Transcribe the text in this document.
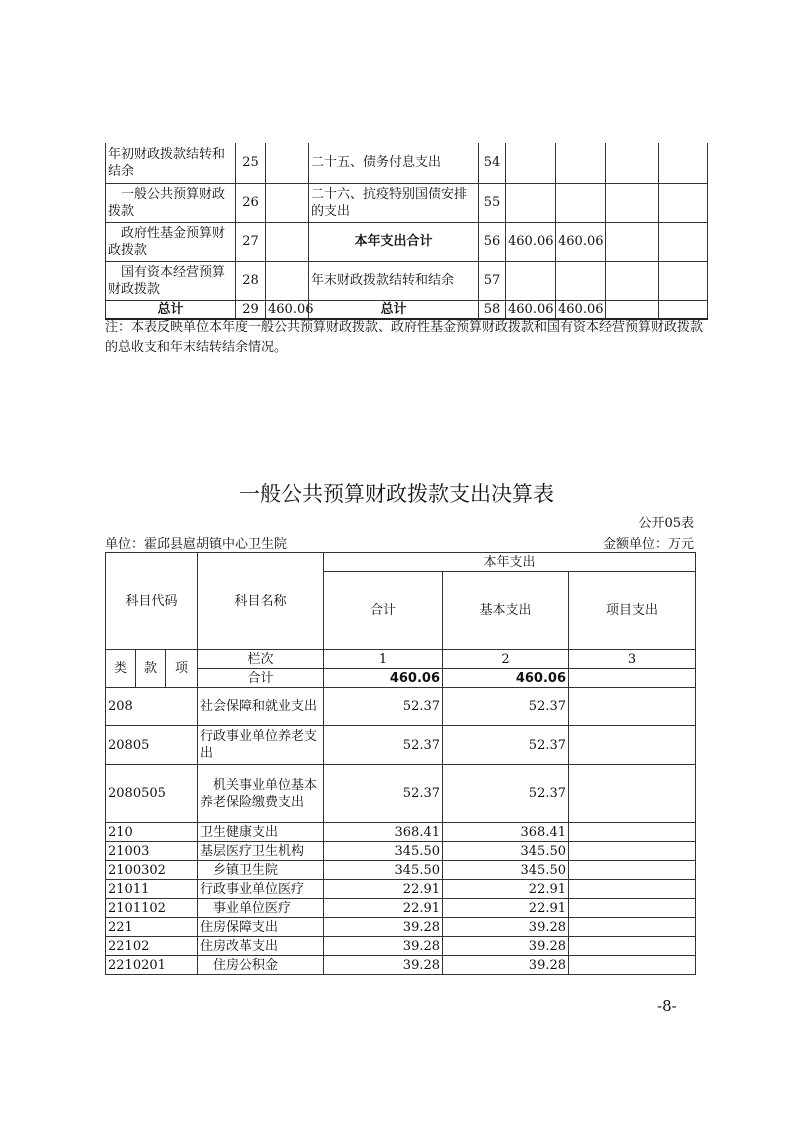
年初财政拨款结转和结余	25		二十五、债务付息支出	54				
一般公共预算财政拨款	26		二十六、抗疫特别国债安排的支出	55				
政府性基金预算财政拨款	27		本年支出合计	56	460.06	460.06		
国有资本经营预算财政拨款	28		年末财政拨款结转和结余	57				
总计	29	460.06	总计	58	460.06	460.06		
注：本表反映单位本年度一般公共预算财政拨款、政府性基金预算财政拨款和国有资本经营预算财政拨款的总收支和年末结转结余情况。
一般公共预算财政拨款支出决算表
公开05表
单位：霍邱县扈胡镇中心卫生院	金额单位：万元
科目代码			科目名称	本年支出		
				合计	基本支出	项目支出
类	款	项	栏次	1	2	3
			合计	460.06	460.06	
208			社会保障和就业支出	52.37	52.37	
20805			行政事业单位养老支出	52.37	52.37	
2080505			机关事业单位基本养老保险缴费支出	52.37	52.37	
210			卫生健康支出	368.41	368.41	
21003			基层医疗卫生机构	345.50	345.50	
2100302			乡镇卫生院	345.50	345.50	
21011			行政事业单位医疗	22.91	22.91	
2101102			事业单位医疗	22.91	22.91	
221			住房保障支出	39.28	39.28	
22102			住房改革支出	39.28	39.28	
2210201			住房公积金	39.28	39.28	
-8-
